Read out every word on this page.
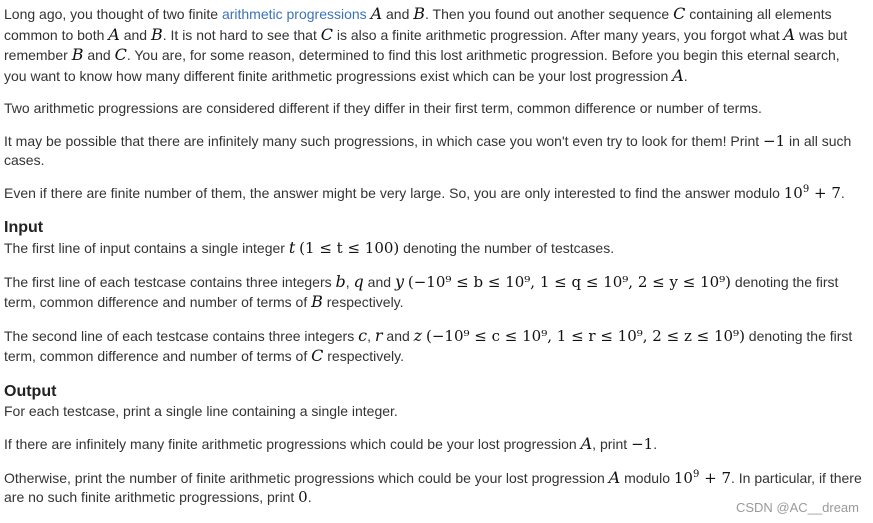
Long ago, you thought of two finite arithmetic progressions A and B. Then you found out another sequence C containing all elements common to both A and B. It is not hard to see that C is also a finite arithmetic progression. After many years, you forgot what A was but remember B and C. You are, for some reason, determined to find this lost arithmetic progression. Before you begin this eternal search, you want to know how many different finite arithmetic progressions exist which can be your lost progression A.

Two arithmetic progressions are considered different if they differ in their first term, common difference or number of terms.

It may be possible that there are infinitely many such progressions, in which case you won't even try to look for them! Print −1 in all such cases.

Even if there are finite number of them, the answer might be very large. So, you are only interested to find the answer modulo $10^9 + 7$.

Input

The first line of input contains a single integer t (1 ≤ t ≤ 100) denoting the number of testcases.

The first line of each testcase contains three integers b, q and y (−10⁹ ≤ b ≤ 10⁹, 1 ≤ q ≤ 10⁹, 2 ≤ y ≤ 10⁹) denoting the first term, common difference and number of terms of B respectively.

The second line of each testcase contains three integers c, r and z (−10⁹ ≤ c ≤ 10⁹, 1 ≤ r ≤ 10⁹, 2 ≤ z ≤ 10⁹) denoting the first term, common difference and number of terms of C respectively.

Output

For each testcase, print a single line containing a single integer.

If there are infinitely many finite arithmetic progressions which could be your lost progression A, print −1.

Otherwise, print the number of finite arithmetic progressions which could be your lost progression A modulo $10^9 + 7$. In particular, if there are no such finite arithmetic progressions, print 0.

CSDN @AC__dream
